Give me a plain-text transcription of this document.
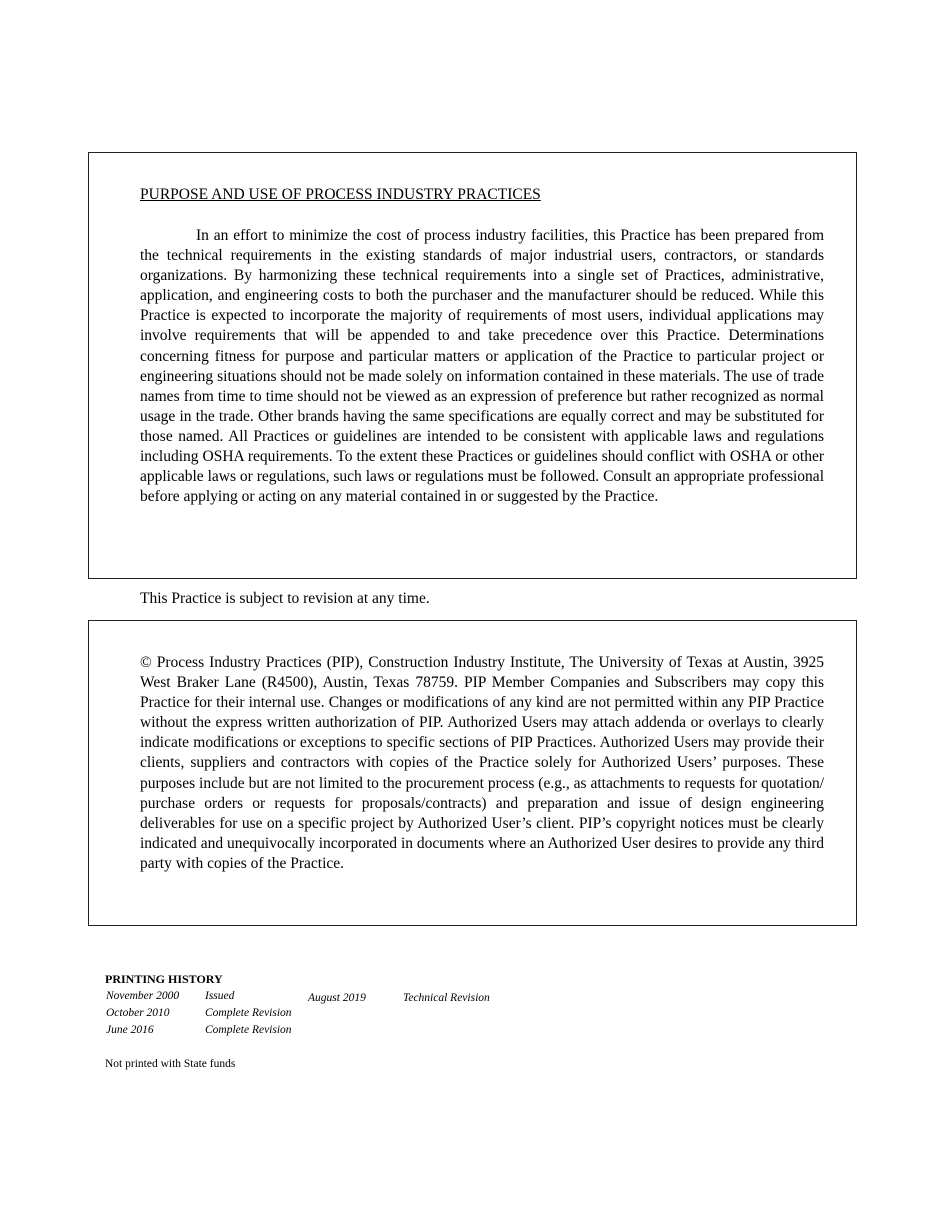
PURPOSE AND USE OF PROCESS INDUSTRY PRACTICES

In an effort to minimize the cost of process industry facilities, this Practice has been prepared from the technical requirements in the existing standards of major industrial users, contractors, or standards organizations. By harmonizing these technical requirements into a single set of Practices, administrative, application, and engineering costs to both the purchaser and the manufacturer should be reduced. While this Practice is expected to incorporate the majority of requirements of most users, individual applications may involve requirements that will be appended to and take precedence over this Practice. Determinations concerning fitness for purpose and particular matters or application of the Practice to particular project or engineering situations should not be made solely on information contained in these materials. The use of trade names from time to time should not be viewed as an expression of preference but rather recognized as normal usage in the trade. Other brands having the same specifications are equally correct and may be substituted for those named. All Practices or guidelines are intended to be consistent with applicable laws and regulations including OSHA requirements. To the extent these Practices or guidelines should conflict with OSHA or other applicable laws or regulations, such laws or regulations must be followed. Consult an appropriate professional before applying or acting on any material contained in or suggested by the Practice.

This Practice is subject to revision at any time.

© Process Industry Practices (PIP), Construction Industry Institute, The University of Texas at Austin, 3925 West Braker Lane (R4500), Austin, Texas 78759. PIP Member Companies and Subscribers may copy this Practice for their internal use. Changes or modifications of any kind are not permitted within any PIP Practice without the express written authorization of PIP. Authorized Users may attach addenda or overlays to clearly indicate modifications or exceptions to specific sections of PIP Practices. Authorized Users may provide their clients, suppliers and contractors with copies of the Practice solely for Authorized Users’ purposes. These purposes include but are not limited to the procurement process (e.g., as attachments to requests for quotation/ purchase orders or requests for proposals/contracts) and preparation and issue of design engineering deliverables for use on a specific project by Authorized User’s client. PIP’s copyright notices must be clearly indicated and unequivocally incorporated in documents where an Authorized User desires to provide any third party with copies of the Practice.

PRINTING HISTORY

November 2000
October 2010
June 2016
Issued
Complete Revision
Complete Revision
August 2019	Technical Revision

Not printed with State funds
